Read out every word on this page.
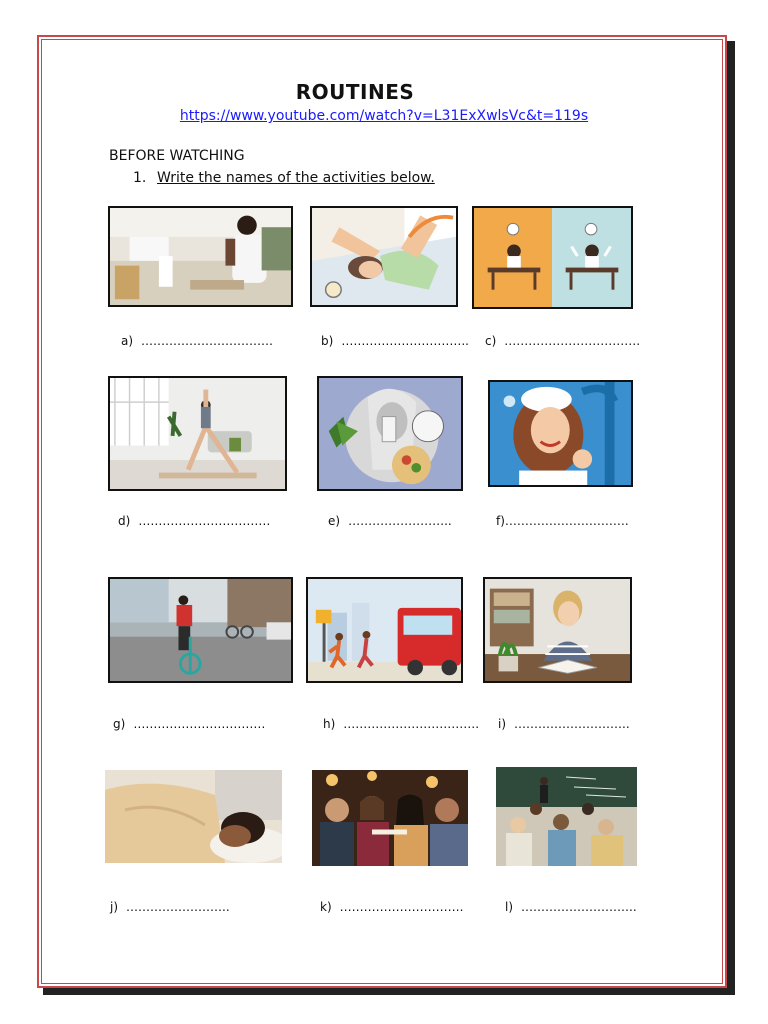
ROUTINES
https://www.youtube.com/watch?v=L31ExXwlsVc&t=119s
BEFORE WATCHING
1. Write the names of the activities below.
a) ……………………………	b) ………………………….. c) …………………………….
d) ……………………………	e) ……………………..	f)………………………….
g) ……………………………	h) ……………………………. i) ………………………..
j) ……………………..	k) ………………………….	l) ………………………..
